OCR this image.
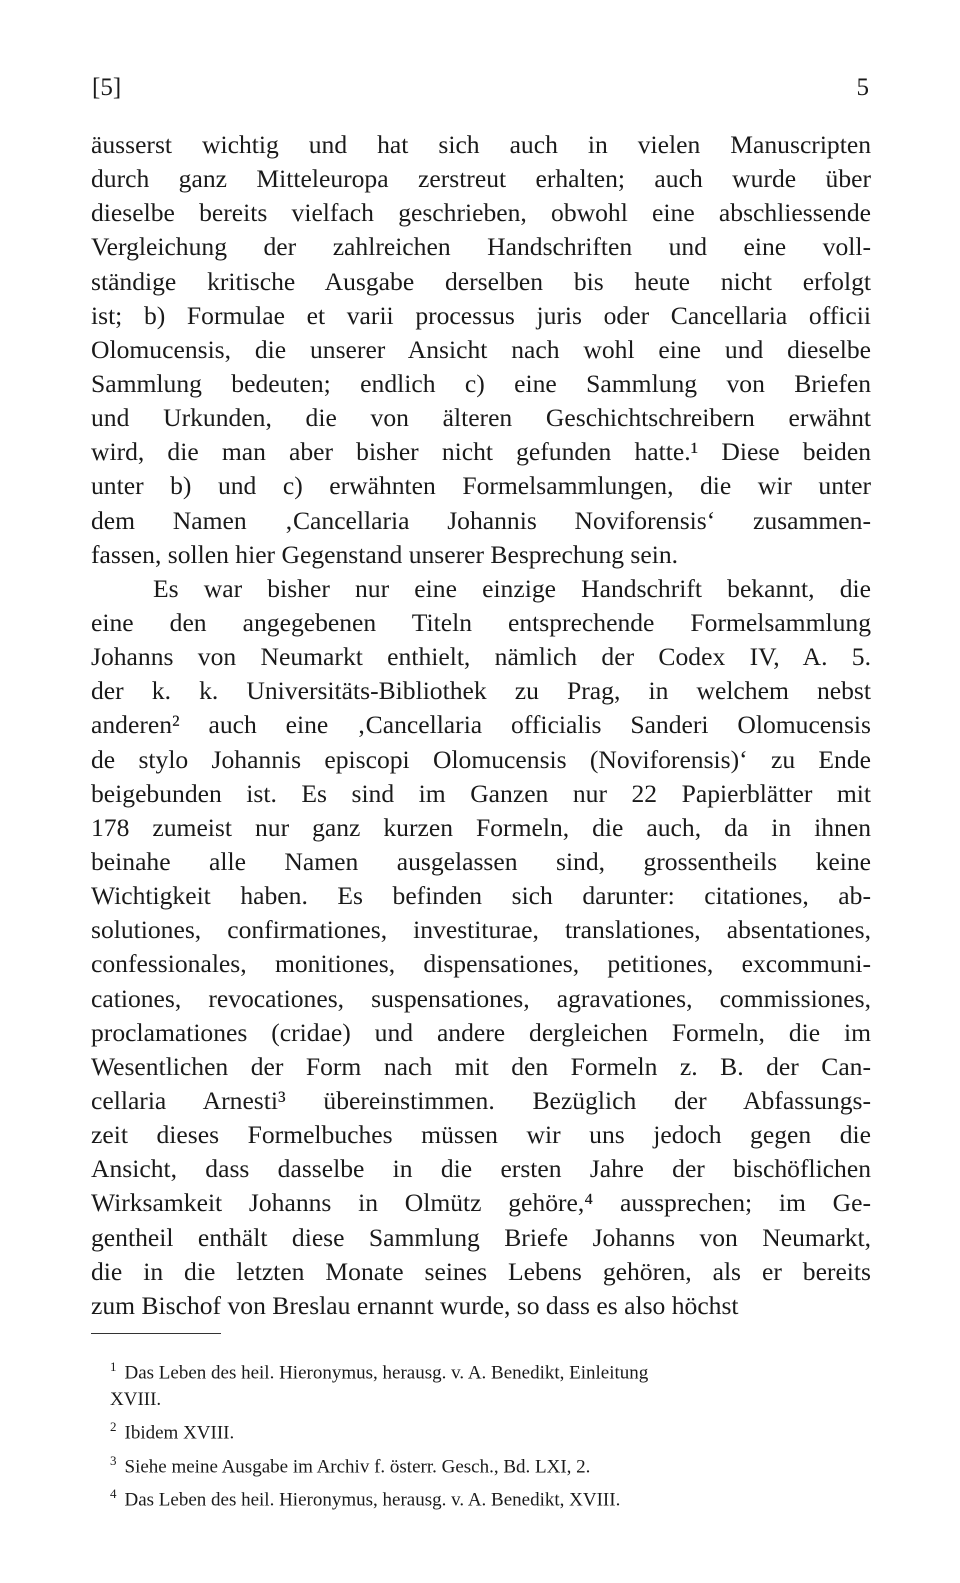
[5]	5
äusserst wichtig und hat sich auch in vielen Manuscripten
durch ganz Mitteleuropa zerstreut erhalten; auch wurde über
dieselbe bereits vielfach geschrieben, obwohl eine abschliessende
Vergleichung der zahlreichen Handschriften und eine voll-
ständige kritische Ausgabe derselben bis heute nicht erfolgt
ist; b) Formulae et varii processus juris oder Cancellaria officii
Olomucensis, die unserer Ansicht nach wohl eine und dieselbe
Sammlung bedeuten; endlich c) eine Sammlung von Briefen
und Urkunden, die von älteren Geschichtschreibern erwähnt
wird, die man aber bisher nicht gefunden hatte.¹ Diese beiden
unter b) und c) erwähnten Formelsammlungen, die wir unter
dem Namen ‚Cancellaria Johannis Noviforensis‘ zusammen-
fassen, sollen hier Gegenstand unserer Besprechung sein.
Es war bisher nur eine einzige Handschrift bekannt, die
eine den angegebenen Titeln entsprechende Formelsammlung
Johanns von Neumarkt enthielt, nämlich der Codex IV, A. 5.
der k. k. Universitäts-Bibliothek zu Prag, in welchem nebst
anderen² auch eine ‚Cancellaria officialis Sanderi Olomucensis
de stylo Johannis episcopi Olomucensis (Noviforensis)‘ zu Ende
beigebunden ist. Es sind im Ganzen nur 22 Papierblätter mit
178 zumeist nur ganz kurzen Formeln, die auch, da in ihnen
beinahe alle Namen ausgelassen sind, grossentheils keine
Wichtigkeit haben. Es befinden sich darunter: citationes, ab-
solutiones, confirmationes, investiturae, translationes, absentationes,
confessionales, monitiones, dispensationes, petitiones, excommuni-
cationes, revocationes, suspensationes, agravationes, commissiones,
proclamationes (cridae) und andere dergleichen Formeln, die im
Wesentlichen der Form nach mit den Formeln z. B. der Can-
cellaria Arnesti³ übereinstimmen. Bezüglich der Abfassungs-
zeit dieses Formelbuches müssen wir uns jedoch gegen die
Ansicht, dass dasselbe in die ersten Jahre der bischöflichen
Wirksamkeit Johanns in Olmütz gehöre,⁴ aussprechen; im Ge-
gentheil enthält diese Sammlung Briefe Johanns von Neumarkt,
die in die letzten Monate seines Lebens gehören, als er bereits
zum Bischof von Breslau ernannt wurde, so dass es also höchst
$^1$ Das Leben des heil. Hieronymus, herausg. v. A. Benedikt, Einleitung
XVIII.
$^2$ Ibidem XVIII.
$^3$ Siehe meine Ausgabe im Archiv f. österr. Gesch., Bd. LXI, 2.
$^4$ Das Leben des heil. Hieronymus, herausg. v. A. Benedikt, XVIII.
